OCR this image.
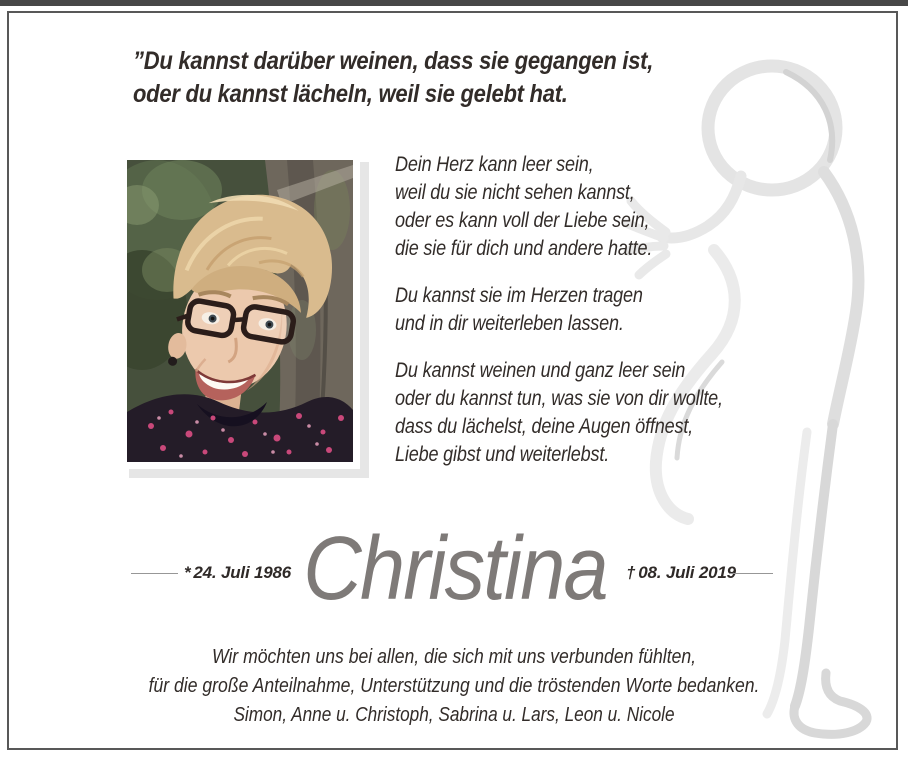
”Du kannst darüber weinen, dass sie gegangen ist,
oder du kannst lächeln, weil sie gelebt hat.
Dein Herz kann leer sein,
weil du sie nicht sehen kannst,
oder es kann voll der Liebe sein,
die sie für dich und andere hatte.
Du kannst sie im Herzen tragen
und in dir weiterleben lassen.
Du kannst weinen und ganz leer sein
oder du kannst tun, was sie von dir wollte,
dass du lächelst, deine Augen öffnest,
Liebe gibst und weiterlebst.
* 24. Juli 1986 Christina	† 08. Juli 2019
Wir möchten uns bei allen, die sich mit uns verbunden fühlten,
für die große Anteilnahme, Unterstützung und die tröstenden Worte bedanken.
Simon, Anne u. Christoph, Sabrina u. Lars, Leon u. Nicole
